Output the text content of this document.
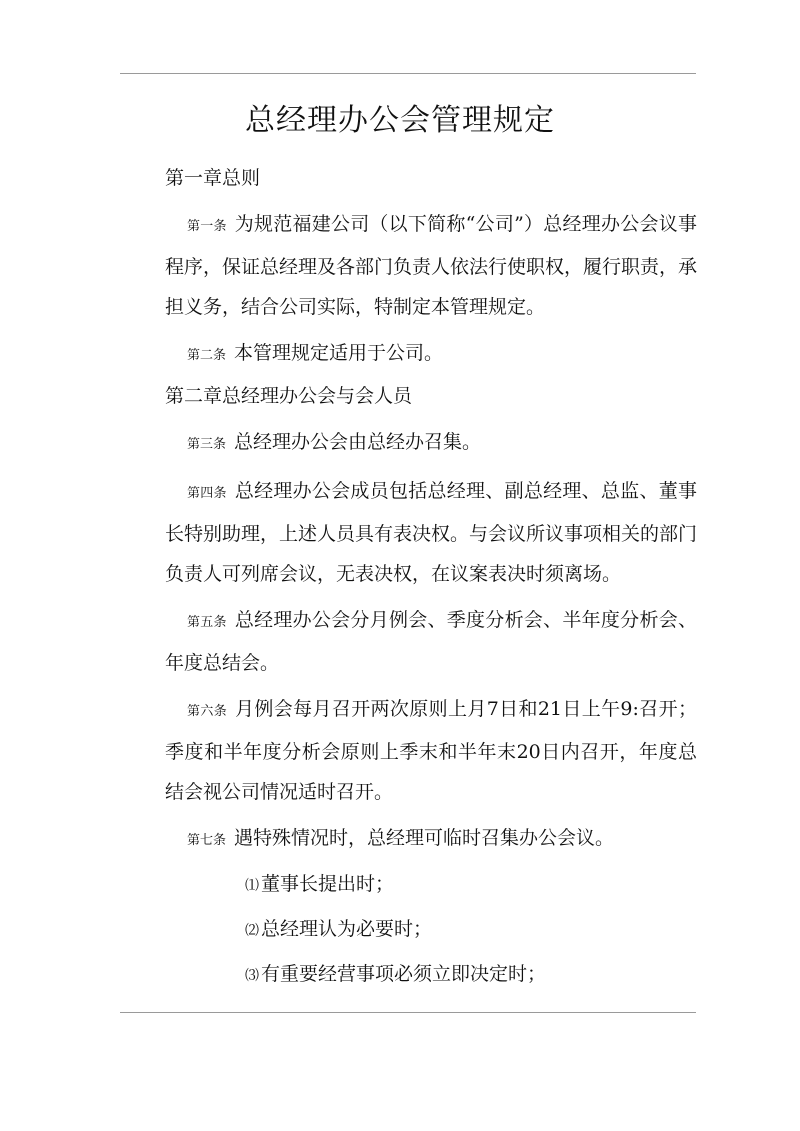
总经理办公会管理规定

第一章总则

第一条 为规范福建公司（以下简称“公司”）总经理办公会议事程序，保证总经理及各部门负责人依法行使职权，履行职责，承担义务，结合公司实际，特制定本管理规定。

第二条 本管理规定适用于公司。

第二章总经理办公会与会人员

第三条 总经理办公会由总经办召集。

第四条 总经理办公会成员包括总经理、副总经理、总监、董事长特别助理，上述人员具有表决权。与会议所议事项相关的部门负责人可列席会议，无表决权，在议案表决时须离场。

第五条 总经理办公会分月例会、季度分析会、半年度分析会、年度总结会。

第六条 月例会每月召开两次原则上月7日和21日上午9:召开；季度和半年度分析会原则上季末和半年末20日内召开，年度总结会视公司情况适时召开。

第七条 遇特殊情况时，总经理可临时召集办公会议。

⑴ 董事长提出时；

⑵ 总经理认为必要时；

⑶ 有重要经营事项必须立即决定时；
